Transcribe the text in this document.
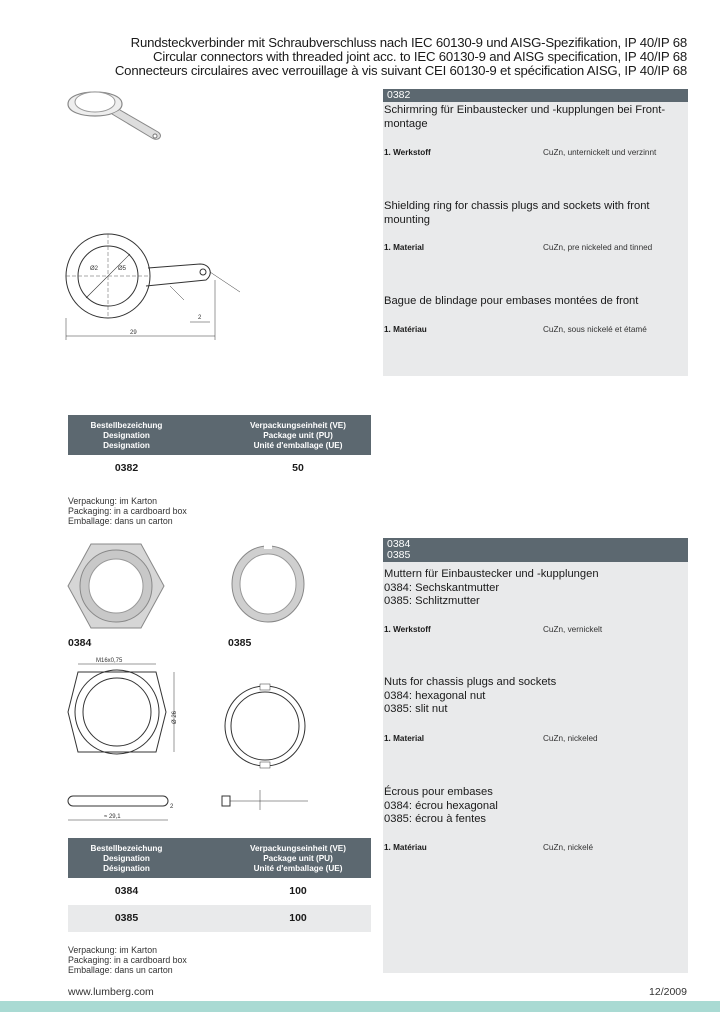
Rundsteckverbinder mit Schraubverschluss nach IEC 60130-9 und AISG-Spezifikation, IP 40/IP 68
Circular connectors with threaded joint acc. to IEC 60130-9 and AISG specification, IP 40/IP 68
Connecteurs circulaires avec verrouillage à vis suivant CEI 60130-9 et spécification AISG, IP 40/IP 68
0382
Schirmring für Einbaustecker und -kupplungen bei Front-
montage
1. Werkstoff	CuZn, unternickelt und verzinnt
Shielding ring for chassis plugs and sockets with front
mounting
1. Material	CuZn, pre nickeled and tinned
Bague de blindage pour embases montées de front
1. Matériau	CuZn, sous nickelé et étamé
Ø2	Ø5
2
29
Bestellbezeichung
Designation
Designation
Verpackungseinheit (VE)
Package unit (PU)
Unité d'emballage (UE)
0382	50
Verpackung: im Karton
Packaging: in a cardboard box
Emballage: dans un carton
0384
0385
Muttern für Einbaustecker und -kupplungen
0384: Sechskantmutter
0385: Schlitzmutter
1. Werkstoff	CuZn, vernickelt
Nuts for chassis plugs and sockets
0384: hexagonal nut
0385: slit nut
1. Material	CuZn, nickeled
Écrous pour embases
0384: écrou hexagonal
0385: écrou à fentes
1. Matériau	CuZn, nickelé
0384	0385
M16x0,75
Ø 26
≈ 29,1
2
Bestellbezeichung
Designation
Désignation
Verpackungseinheit (VE)
Package unit (PU)
Unité d'emballage (UE)
0384	100
0385	100
Verpackung: im Karton
Packaging: in a cardboard box
Emballage: dans un carton
www.lumberg.com	12/2009
